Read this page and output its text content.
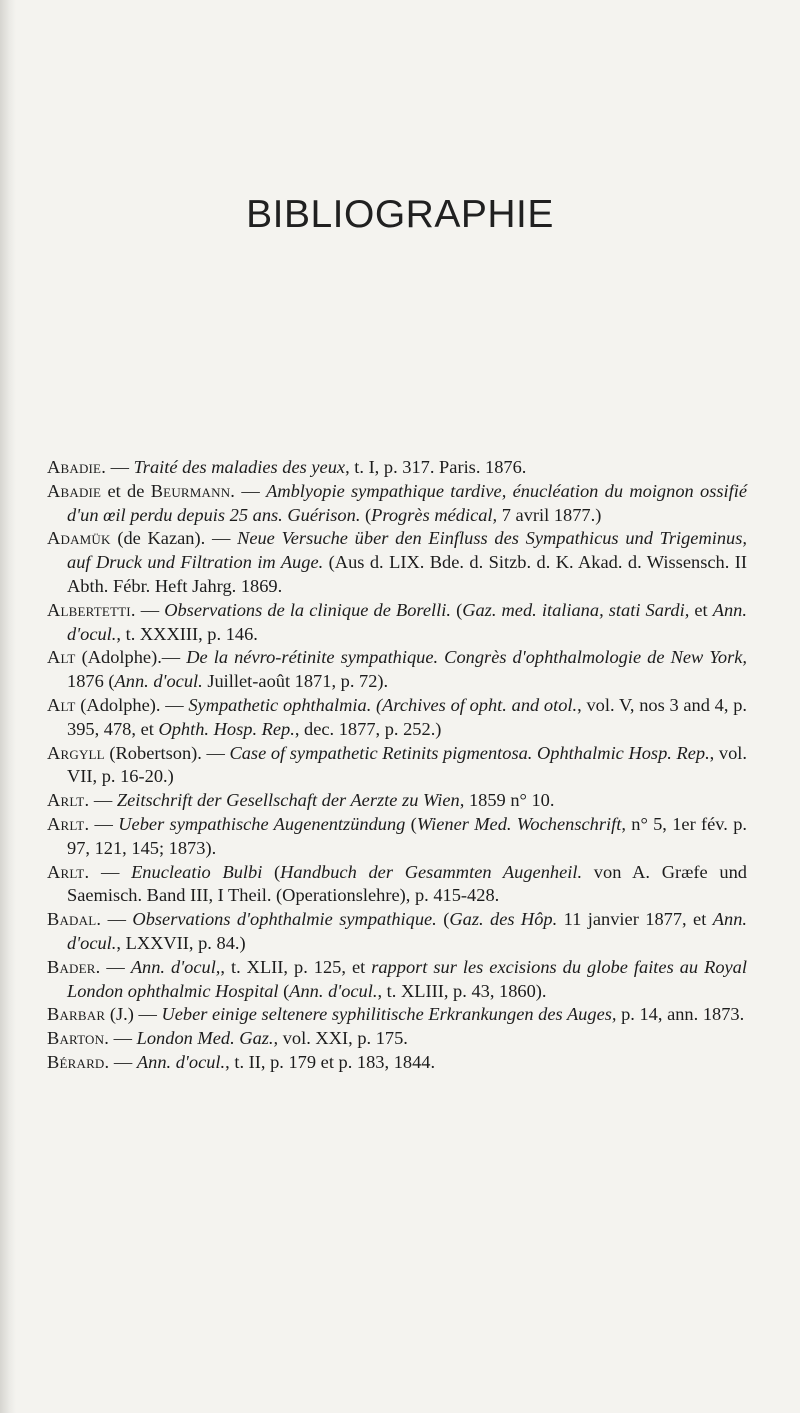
BIBLIOGRAPHIE
Abadie. — Traité des maladies des yeux, t. I, p. 317. Paris. 1876.
Abadie et de Beurmann. — Amblyopie sympathique tardive, énucléation du moignon ossifié d'un œil perdu depuis 25 ans. Guérison. (Progrès médical, 7 avril 1877.)
Adamük (de Kazan). — Neue Versuche über den Einfluss des Sympathicus und Trigeminus, auf Druck und Filtration im Auge. (Aus d. LIX. Bde. d. Sitzb. d. K. Akad. d. Wissensch. II Abth. Fébr. Heft Jahrg. 1869.
Albertetti. — Observations de la clinique de Borelli. (Gaz. med. italiana, stati Sardi, et Ann. d'ocul., t. XXXIII, p. 146.
Alt (Adolphe).— De la névro-rétinite sympathique. Congrès d'ophthalmologie de New York, 1876 (Ann. d'ocul. Juillet-août 1871, p. 72).
Alt (Adolphe). — Sympathetic ophthalmia. (Archives of opht. and otol., vol. V, nos 3 and 4, p. 395, 478, et Ophth. Hosp. Rep., dec. 1877, p. 252.)
Argyll (Robertson). — Case of sympathetic Retinits pigmentosa. Ophthalmic Hosp. Rep., vol. VII, p. 16-20.)
Arlt. — Zeitschrift der Gesellschaft der Aerzte zu Wien, 1859 n° 10.
Arlt. — Ueber sympathische Augenentzündung (Wiener Med. Wochenschrift, n° 5, 1er fév. p. 97, 121, 145; 1873).
Arlt. — Enucleatio Bulbi (Handbuch der Gesammten Augenheil. von A. Græfe und Saemisch. Band III, I Theil. (Operationslehre), p. 415-428.
Badal. — Observations d'ophthalmie sympathique. (Gaz. des Hôp. 11 janvier 1877, et Ann. d'ocul., LXXVII, p. 84.)
Bader. — Ann. d'ocul,, t. XLII, p. 125, et rapport sur les excisions du globe faites au Royal London ophthalmic Hospital (Ann. d'ocul., t. XLIII, p. 43, 1860).
Barbar (J.) — Ueber einige seltenere syphilitische Erkrankungen des Auges, p. 14, ann. 1873.
Barton. — London Med. Gaz., vol. XXI, p. 175.
Bérard. — Ann. d'ocul., t. II, p. 179 et p. 183, 1844.
